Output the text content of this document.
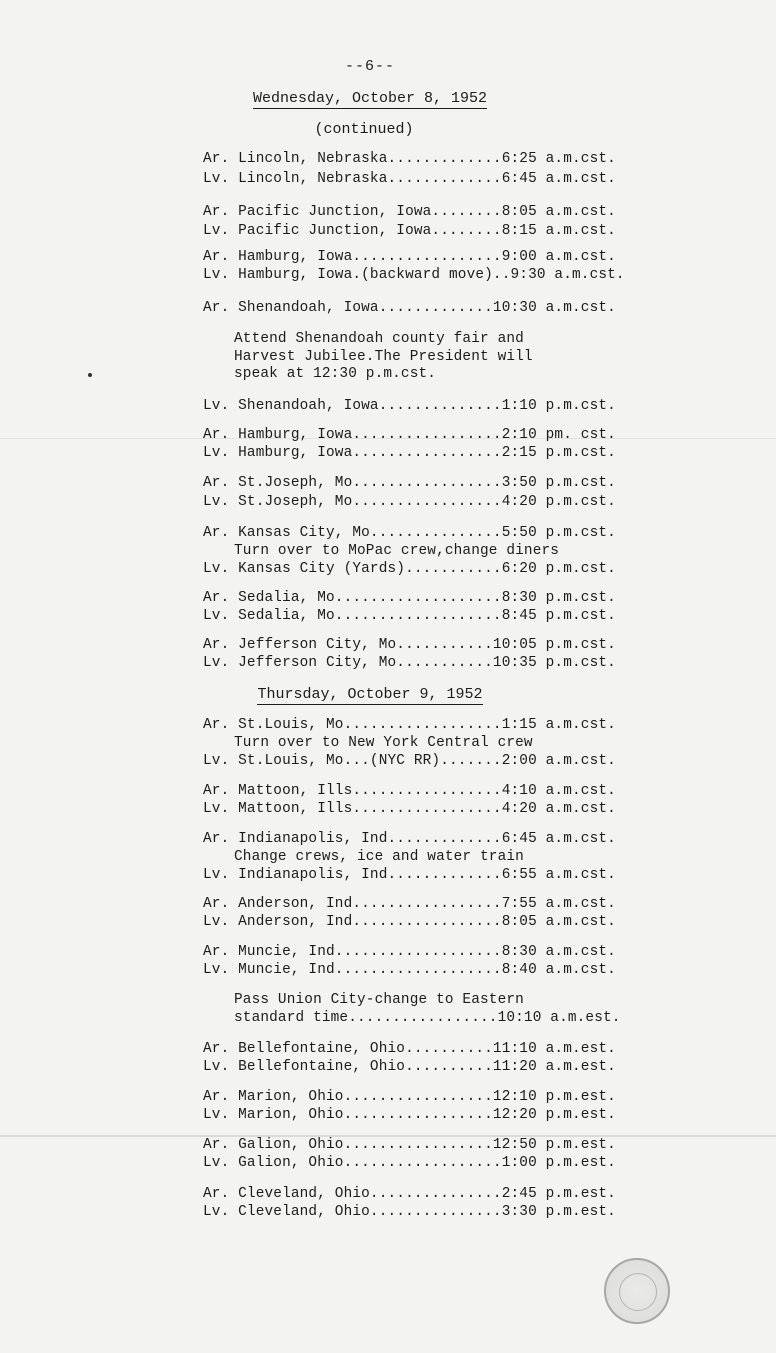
--6--
Wednesday, October 8, 1952
(continued)
Ar. Lincoln, Nebraska.............6:25 a.m.cst.
Lv. Lincoln, Nebraska.............6:45 a.m.cst.
Ar. Pacific Junction, Iowa........8:05 a.m.cst.
Lv. Pacific Junction, Iowa........8:15 a.m.cst.
Ar. Hamburg, Iowa.................9:00 a.m.cst.
Lv. Hamburg, Iowa.(backward move)..9:30 a.m.cst.
Ar. Shenandoah, Iowa.............10:30 a.m.cst.
Attend Shenandoah county fair and
Harvest Jubilee.The President will
speak at 12:30 p.m.cst.
Lv. Shenandoah, Iowa..............1:10 p.m.cst.
Ar. Hamburg, Iowa.................2:10 pm. cst.
Lv. Hamburg, Iowa.................2:15 p.m.cst.
Ar. St.Joseph, Mo.................3:50 p.m.cst.
Lv. St.Joseph, Mo.................4:20 p.m.cst.
Ar. Kansas City, Mo...............5:50 p.m.cst.
Turn over to MoPac crew,change diners
Lv. Kansas City (Yards)...........6:20 p.m.cst.
Ar. Sedalia, Mo...................8:30 p.m.cst.
Lv. Sedalia, Mo...................8:45 p.m.cst.
Ar. Jefferson City, Mo...........10:05 p.m.cst.
Lv. Jefferson City, Mo...........10:35 p.m.cst.
Thursday, October 9, 1952
Ar. St.Louis, Mo..................1:15 a.m.cst.
Turn over to New York Central crew
Lv. St.Louis, Mo...(NYC RR).......2:00 a.m.cst.
Ar. Mattoon, Ills.................4:10 a.m.cst.
Lv. Mattoon, Ills.................4:20 a.m.cst.
Ar. Indianapolis, Ind.............6:45 a.m.cst.
Change crews, ice and water train
Lv. Indianapolis, Ind.............6:55 a.m.cst.
Ar. Anderson, Ind.................7:55 a.m.cst.
Lv. Anderson, Ind.................8:05 a.m.cst.
Ar. Muncie, Ind...................8:30 a.m.cst.
Lv. Muncie, Ind...................8:40 a.m.cst.
Pass Union City-change to Eastern
standard time.................10:10 a.m.est.
Ar. Bellefontaine, Ohio..........11:10 a.m.est.
Lv. Bellefontaine, Ohio..........11:20 a.m.est.
Ar. Marion, Ohio.................12:10 p.m.est.
Lv. Marion, Ohio.................12:20 p.m.est.
Ar. Galion, Ohio.................12:50 p.m.est.
Lv. Galion, Ohio..................1:00 p.m.est.
Ar. Cleveland, Ohio...............2:45 p.m.est.
Lv. Cleveland, Ohio...............3:30 p.m.est.
